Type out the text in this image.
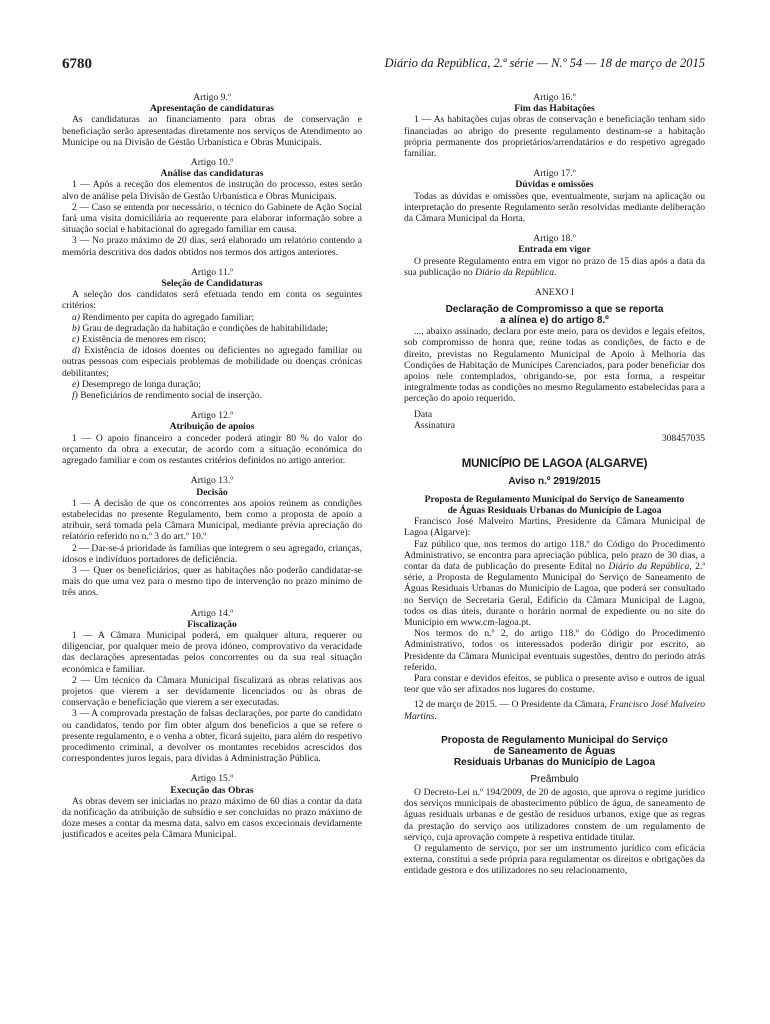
6780	Diário da República, 2.ª série — N.º 54 — 18 de março de 2015
Artigo 9.º
Apresentação de candidaturas

As candidaturas ao financiamento para obras de conservação e beneficiação serão apresentadas diretamente nos serviços de Atendimento ao Munícipe ou na Divisão de Gestão Urbanística e Obras Municipais.

Artigo 10.º
Análise das candidaturas

1 — Após a receção dos elementos de instrução do processo, estes serão alvo de análise pela Divisão de Gestão Urbanística e Obras Municipais.

2 — Caso se entenda por necessário, o técnico do Gabinete de Ação Social fará uma visita domiciliária ao requerente para elaborar informação sobre a situação social e habitacional do agregado familiar em causa.

3 — No prazo máximo de 20 dias, será elaborado um relatório contendo a memória descritiva dos dados obtidos nos termos dos artigos anteriores.

Artigo 11.º
Seleção de Candidaturas

A seleção dos candidatos será efetuada tendo em conta os seguintes critérios:

a) Rendimento per capita do agregado familiar;

b) Grau de degradação da habitação e condições de habitabilidade;

c) Existência de menores em risco;

d) Existência de idosos doentes ou deficientes no agregado familiar ou outras pessoas com especiais problemas de mobilidade ou doenças crónicas debilitantes;

e) Desemprego de longa duração;

f) Beneficiários de rendimento social de inserção.

Artigo 12.º
Atribuição de apoios

1 — O apoio financeiro a conceder poderá atingir 80 % do valor do orçamento da obra a executar, de acordo com a situação económica do agregado familiar e com os restantes critérios definidos no artigo anterior.

Artigo 13.º
Decisão

1 — A decisão de que os concorrentes aos apoios reúnem as condições estabelecidas no presente Regulamento, bem como a proposta de apoio a atribuir, será tomada pela Câmara Municipal, mediante prévia apreciação do relatório referido no n.º 3 do art.º 10.º

2 — Dar-se-á prioridade às famílias que integrem o seu agregado, crianças, idosos e indivíduos portadores de deficiência.

3 — Quer os beneficiários, quer as habitações não poderão candidatar-se mais do que uma vez para o mesmo tipo de intervenção no prazo mínimo de três anos.

Artigo 14.º
Fiscalização

1 — A Câmara Municipal poderá, em qualquer altura, requerer ou diligenciar, por qualquer meio de prova idóneo, comprovativo da veracidade das declarações apresentadas pelos concorrentes ou da sua real situação económica e familiar.

2 — Um técnico da Câmara Municipal fiscalizará as obras relativas aos projetos que vierem a ser devidamente licenciados ou às obras de conservação e beneficiação que vierem a ser executadas.

3 — A comprovada prestação de falsas declarações, por parte do candidato ou candidatos, tendo por fim obter algum dos benefícios a que se refere o presente regulamento, e o venha a obter, ficará sujeito, para além do respetivo procedimento criminal, a devolver os montantes recebidos acrescidos dos correspondentes juros legais, para dívidas à Administração Pública.

Artigo 15.º
Execução das Obras

As obras devem ser iniciadas no prazo máximo de 60 dias a contar da data da notificação da atribuição de subsídio e ser concluídas no prazo máximo de doze meses a contar da mesma data, salvo em casos excecionais devidamente justificados e aceites pela Câmara Municipal.

Artigo 16.º
Fim das Habitações

1 — As habitações cujas obras de conservação e beneficiação tenham sido financiadas ao abrigo do presente regulamento destinam-se a habitação própria permanente dos proprietários/arrendatários e do respetivo agregado familiar.

Artigo 17.º
Dúvidas e omissões

Todas as dúvidas e omissões que, eventualmente, surjam na aplicação ou interpretação do presente Regulamento serão resolvidas mediante deliberação da Câmara Municipal da Horta.

Artigo 18.º
Entrada em vigor

O presente Regulamento entra em vigor no prazo de 15 dias após a data da sua publicação no Diário da República.

ANEXO I
Declaração de Compromisso a que se reporta
a alínea e) do artigo 8.º

..., abaixo assinado, declara por este meio, para os devidos e legais efeitos, sob compromisso de honra que, reúne todas as condições, de facto e de direito, previstas no Regulamento Municipal de Apoio à Melhoria das Condições de Habitação de Munícipes Carenciados, para poder beneficiar dos apoios nele contemplados, obrigando-se, por esta forma, a respeitar integralmente todas as condições no mesmo Regulamento estabelecidas para a perceção do apoio requerido.

Data

Assinatura

308457035

MUNICÍPIO DE LAGOA (ALGARVE)
Aviso n.º 2919/2015
Proposta de Regulamento Municipal do Serviço de Saneamento
de Águas Residuais Urbanas do Município de Lagoa

Francisco José Malveiro Martins, Presidente da Câmara Municipal de Lagoa (Algarve):

Faz público que, nos termos do artigo 118.º do Código do Procedimento Administrativo, se encontra para apreciação pública, pelo prazo de 30 dias, a contar da data de publicação do presente Edital no Diário da República, 2.ª série, a Proposta de Regulamento Municipal do Serviço de Saneamento de Águas Residuais Urbanas do Município de Lagoa, que poderá ser consultado no Serviço de Secretaria Geral, Edifício da Câmara Municipal de Lagoa, todos os dias úteis, durante o horário normal de expediente ou no site do Município em www.cm-lagoa.pt.

Nos termos do n.º 2, do artigo 118.º do Código do Procedimento Administrativo, todos os interessados poderão dirigir por escrito, ao Presidente da Câmara Municipal eventuais sugestões, dentro do período atrás referido.

Para constar e devidos efeitos, se publica o presente aviso e outros de igual teor que vão ser afixados nos lugares do costume.

12 de março de 2015. — O Presidente da Câmara, Francisco José Malveiro Martins.

Proposta de Regulamento Municipal do Serviço
de Saneamento de Águas
Residuais Urbanas do Município de Lagoa
Preâmbulo

O Decreto-Lei n.º 194/2009, de 20 de agosto, que aprova o regime jurídico dos serviços municipais de abastecimento público de água, de saneamento de águas residuais urbanas e de gestão de resíduos urbanos, exige que as regras da prestação do serviço aos utilizadores constem de um regulamento de serviço, cuja aprovação compete à respetiva entidade titular.

O regulamento de serviço, por ser um instrumento jurídico com eficácia externa, constitui a sede própria para regulamentar os direitos e obrigações da entidade gestora e dos utilizadores no seu relacionamento,
